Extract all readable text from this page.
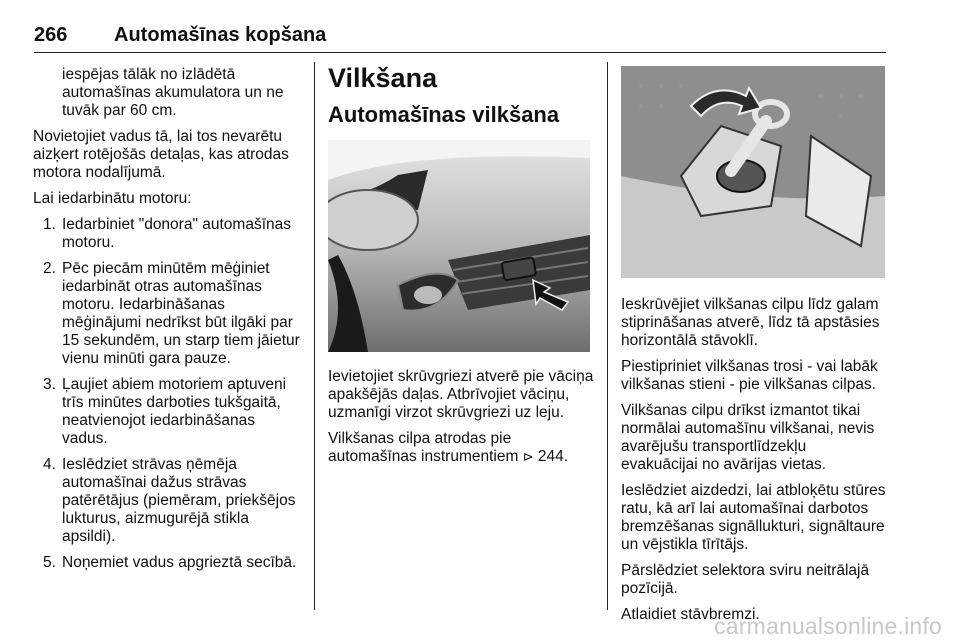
266 Automašīnas kopšana

iespējas tālāk no izlādētā automašīnas akumulatora un ne tuvāk par 60 cm.

Novietojiet vadus tā, lai tos nevarētu aizķert rotējošās detaļas, kas atrodas motora nodalījumā.

Lai iedarbinātu motoru:

1. Iedarbiniet "donora" automašīnas motoru.
2. Pēc piecām minūtēm mēģiniet iedarbināt otras automašīnas motoru. Iedarbināšanas mēģinājumi nedrīkst būt ilgāki par 15 sekundēm, un starp tiem jāietur vienu minūti gara pauze.
3. Ļaujiet abiem motoriem aptuveni trīs minūtes darboties tukšgaitā, neatvienojot iedarbināšanas vadus.
4. Ieslēdziet strāvas ņēmēja automašīnai dažus strāvas patērētājus (piemēram, priekšējos lukturus, aizmugurējā stikla apsildi).
5. Noņemiet vadus apgrieztā secībā.
Vilkšana
Automašīnas vilkšana

Ievietojiet skrūvgriezi atverē pie vāciņa apakšējās daļas. Atbrīvojiet vāciņu, uzmanīgi virzot skrūvgriezi uz leju.

Vilkšanas cilpa atrodas pie automašīnas instrumentiem ⊳ 244.

Ieskrūvējiet vilkšanas cilpu līdz galam stiprināšanas atverē, līdz tā apstāsies horizontālā stāvoklī.

Piestipriniet vilkšanas trosi - vai labāk vilkšanas stieni - pie vilkšanas cilpas.

Vilkšanas cilpu drīkst izmantot tikai normālai automašīnu vilkšanai, nevis avarējušu transportlīdzekļu evakuācijai no avārijas vietas.

Ieslēdziet aizdedzi, lai atbloķētu stūres ratu, kā arī lai automašīnai darbotos bremzēšanas signāllukturi, signāltaure un vējstikla tīrītājs.

Pārslēdziet selektora sviru neitrālajā pozīcijā.

Atlaidiet stāvbremzi.

carmanualsonline.info
